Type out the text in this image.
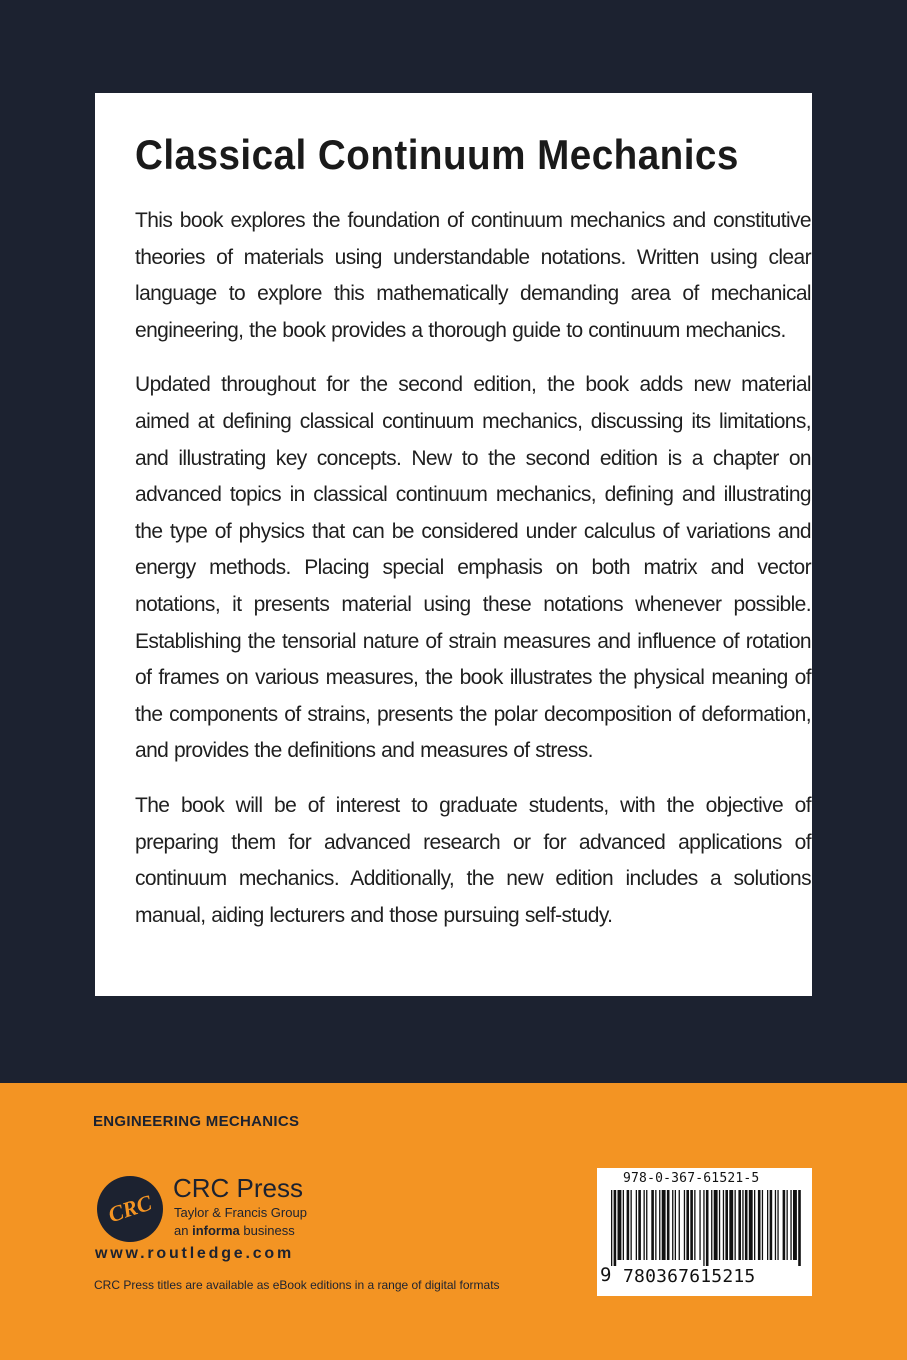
Classical Continuum Mechanics

This book explores the foundation of continuum mechanics and constitutive theories of materials using understandable notations. Written using clear language to explore this mathematically demanding area of mechanical engineering, the book provides a thorough guide to continuum mechanics.

Updated throughout for the second edition, the book adds new material aimed at defining classical continuum mechanics, discussing its limitations, and illustrating key concepts. New to the second edition is a chapter on advanced topics in classical continuum mechanics, defining and illustrating the type of physics that can be considered under calculus of variations and energy methods. Placing special emphasis on both matrix and vector notations, it presents material using these notations whenever possible. Establishing the tensorial nature of strain measures and influence of rotation of frames on various measures, the book illustrates the physical meaning of the components of strains, presents the polar decomposition of deformation, and provides the definitions and measures of stress.

The book will be of interest to graduate students, with the objective of preparing them for advanced research or for advanced applications of continuum mechanics. Additionally, the new edition includes a solutions manual, aiding lecturers and those pursuing self-study.

ENGINEERING MECHANICS
CRC
CRC Press
Taylor & Francis Group
an informa business
www.routledge.com
CRC Press titles are available as eBook editions in a range of digital formats
978-0-367-61521-5
9 780367615215
